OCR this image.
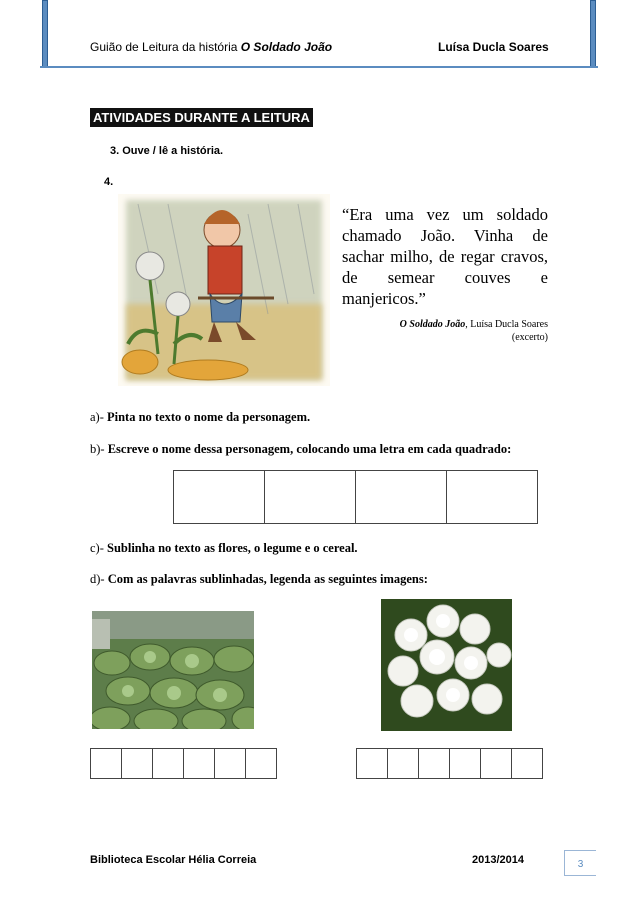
Guião de Leitura da história O Soldado João	Luísa Ducla Soares
ATIVIDADES DURANTE A LEITURA
3. Ouve / lê a história.
4.
“Era uma vez um soldado chamado João. Vinha de sachar milho, de regar cravos, de semear couves e manjericos.”
O Soldado João, Luísa Ducla Soares
(excerto)
a)- Pinta no texto o nome da personagem.
b)- Escreve o nome dessa personagem, colocando uma letra em cada quadrado:
c)- Sublinha no texto as flores, o legume e o cereal.
d)- Com as palavras sublinhadas, legenda as seguintes imagens:
Biblioteca Escolar Hélia Correia	2013/2014	3
